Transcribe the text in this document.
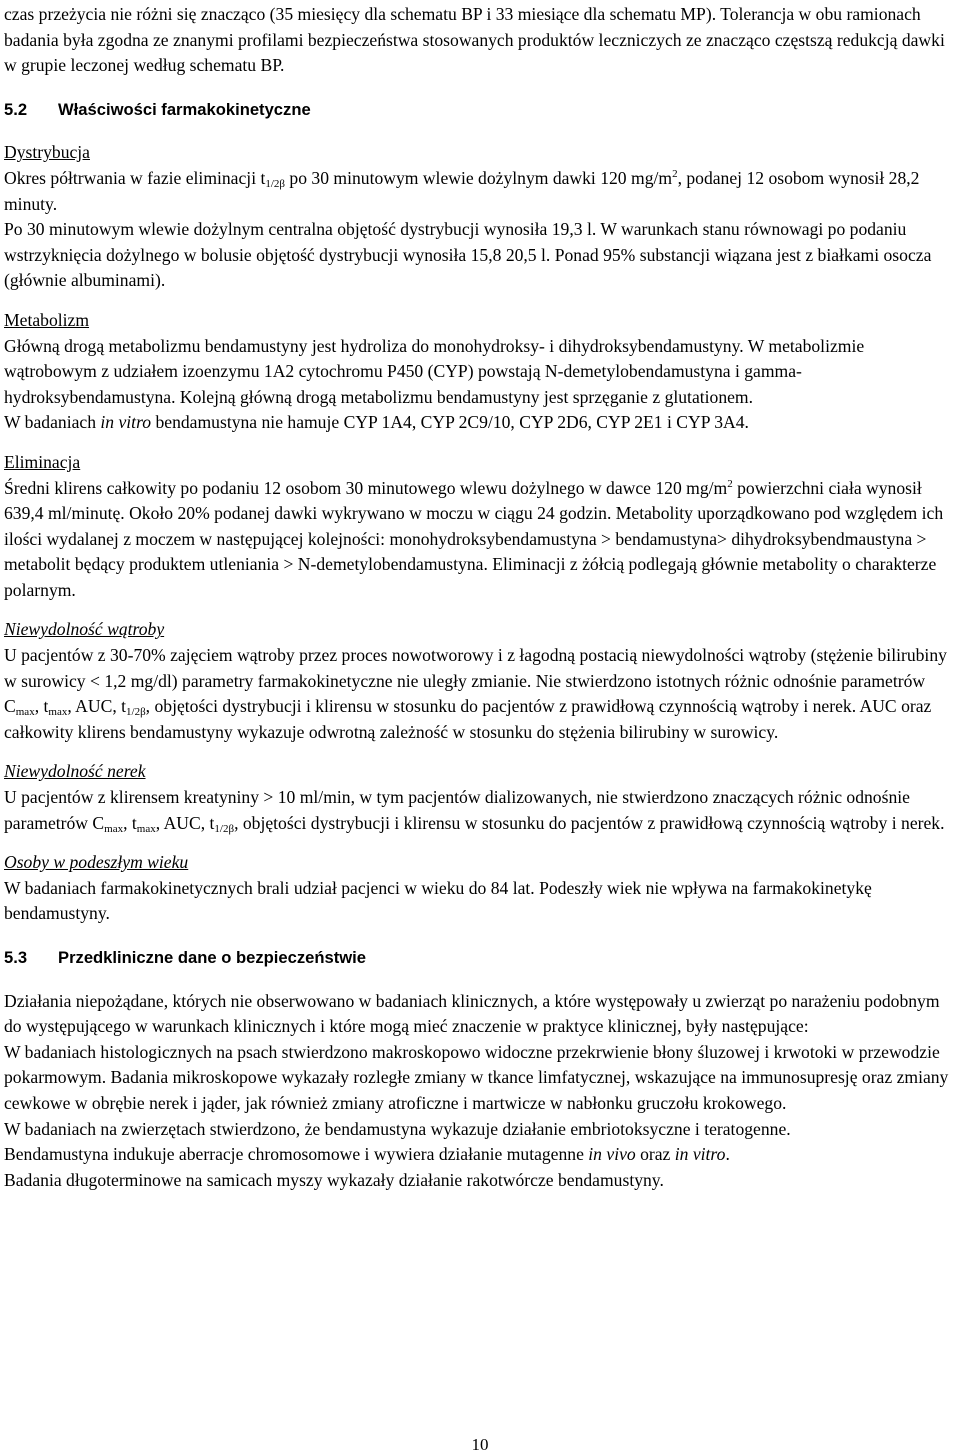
czas przeżycia nie różni się znacząco (35 miesięcy dla schematu BP i 33 miesiące dla schematu MP). Tolerancja w obu ramionach badania była zgodna ze znanymi profilami bezpieczeństwa stosowanych produktów leczniczych ze znacząco częstszą redukcją dawki w grupie leczonej według schematu BP.

5.2 Właściwości farmakokinetyczne

Dystrybucja

Okres półtrwania w fazie eliminacji $t_{1/2\beta}$ po 30 minutowym wlewie dożylnym dawki 120 $mg/m^2$, podanej 12 osobom wynosił 28,2 minuty.

Po 30 minutowym wlewie dożylnym centralna objętość dystrybucji wynosiła 19,3 l. W warunkach stanu równowagi po podaniu wstrzyknięcia dożylnego w bolusie objętość dystrybucji wynosiła 15,8 20,5 l. Ponad 95% substancji wiązana jest z białkami osocza (głównie albuminami).

Metabolizm

Główną drogą metabolizmu bendamustyny jest hydroliza do monohydroksy- i dihydroksybendamustyny. W metabolizmie wątrobowym z udziałem izoenzymu 1A2 cytochromu P450 (CYP) powstają N-demetylobendamustyna i gamma-hydroksybendamustyna. Kolejną główną drogą metabolizmu bendamustyny jest sprzęganie z glutationem.

W badaniach in vitro bendamustyna nie hamuje CYP 1A4, CYP 2C9/10, CYP 2D6, CYP 2E1 i CYP 3A4.

Eliminacja

Średni klirens całkowity po podaniu 12 osobom 30 minutowego wlewu dożylnego w dawce 120 $mg/m^2$ powierzchni ciała wynosił 639,4 ml/minutę. Około 20% podanej dawki wykrywano w moczu w ciągu 24 godzin. Metabolity uporządkowano pod względem ich ilości wydalanej z moczem w następującej kolejności: monohydroksybendamustyna > bendamustyna> dihydroksybendmaustyna > metabolit będący produktem utleniania > N-demetylobendamustyna. Eliminacji z żółcią podlegają głównie metabolity o charakterze polarnym.

Niewydolność wątroby

U pacjentów z 30-70% zajęciem wątroby przez proces nowotworowy i z łagodną postacią niewydolności wątroby (stężenie bilirubiny w surowicy < 1,2 mg/dl) parametry farmakokinetyczne nie uległy zmianie. Nie stwierdzono istotnych różnic odnośnie parametrów $C_{max}$, $t_{max}$, AUC, $t_{1/2\beta}$, objętości dystrybucji i klirensu w stosunku do pacjentów z prawidłową czynnością wątroby i nerek. AUC oraz całkowity klirens bendamustyny wykazuje odwrotną zależność w stosunku do stężenia bilirubiny w surowicy.

Niewydolność nerek

U pacjentów z klirensem kreatyniny > 10 ml/min, w tym pacjentów dializowanych, nie stwierdzono znaczących różnic odnośnie parametrów $C_{max}$, $t_{max}$, AUC, $t_{1/2\beta}$, objętości dystrybucji i klirensu w stosunku do pacjentów z prawidłową czynnością wątroby i nerek.

Osoby w podeszłym wieku

W badaniach farmakokinetycznych brali udział pacjenci w wieku do 84 lat. Podeszły wiek nie wpływa na farmakokinetykę bendamustyny.

5.3 Przedkliniczne dane o bezpieczeństwie

Działania niepożądane, których nie obserwowano w badaniach klinicznych, a które występowały u zwierząt po narażeniu podobnym do występującego w warunkach klinicznych i które mogą mieć znaczenie w praktyce klinicznej, były następujące:

W badaniach histologicznych na psach stwierdzono makroskopowo widoczne przekrwienie błony śluzowej i krwotoki w przewodzie pokarmowym. Badania mikroskopowe wykazały rozległe zmiany w tkance limfatycznej, wskazujące na immunosupresję oraz zmiany cewkowe w obrębie nerek i jąder, jak również zmiany atroficzne i martwicze w nabłonku gruczołu krokowego.

W badaniach na zwierzętach stwierdzono, że bendamustyna wykazuje działanie embriotoksyczne i teratogenne.

Bendamustyna indukuje aberracje chromosomowe i wywiera działanie mutagenne in vivo oraz in vitro.

Badania długoterminowe na samicach myszy wykazały działanie rakotwórcze bendamustyny.

10
